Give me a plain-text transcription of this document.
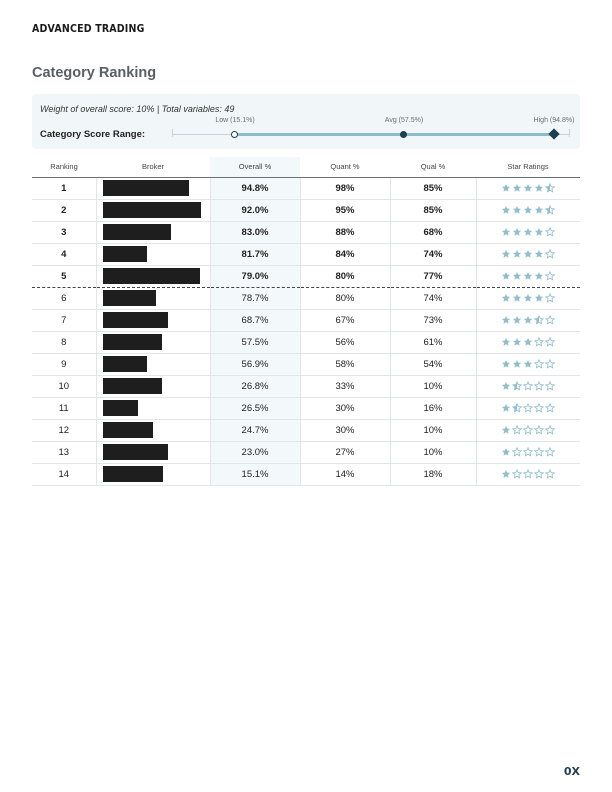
ADVANCED TRADING
Category Ranking
Weight of overall score: 10% | Total variables: 49
Category Score Range:
Low (15.1%)	Avg (57.5%)	High (94.8%)
Ranking	Broker	Overall %	Quant %	Qual %	Star Ratings
1		94.8%	98%	85%	
2		92.0%	95%	85%	
3		83.0%	88%	68%	
4		81.7%	84%	74%	
5		79.0%	80%	77%	
6		78.7%	80%	74%	
7		68.7%	67%	73%	
8		57.5%	56%	61%	
9		56.9%	58%	54%	
10		26.8%	33%	10%	
11		26.5%	30%	16%	
12		24.7%	30%	10%	
13		23.0%	27%	10%	
14		15.1%	14%	18%	
0X
